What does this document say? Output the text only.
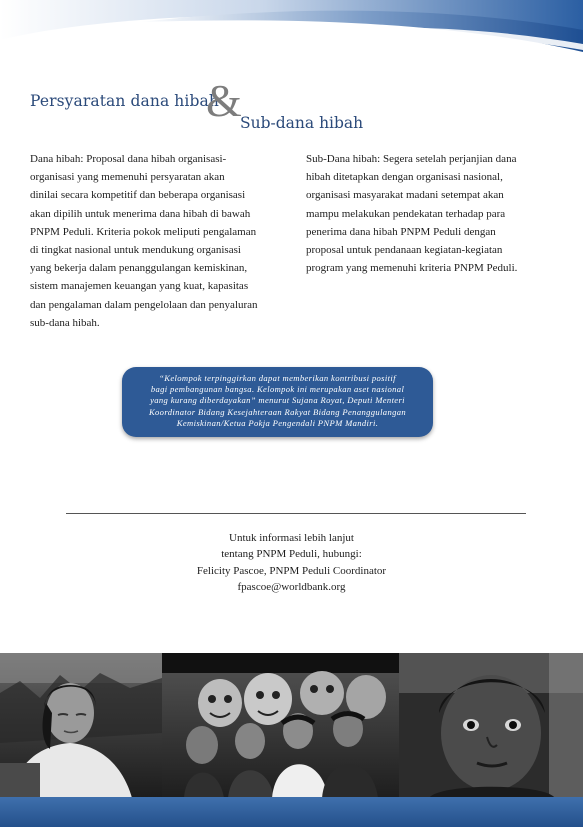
Persyaratan dana hibah
&
Sub-dana hibah
Dana hibah: Proposal dana hibah organisasi-
organisasi yang memenuhi persyaratan akan
dinilai secara kompetitif dan beberapa organisasi
akan dipilih untuk menerima dana hibah di bawah
PNPM Peduli. Kriteria pokok meliputi pengalaman
di tingkat nasional untuk mendukung organisasi
yang bekerja dalam penanggulangan kemiskinan,
sistem manajemen keuangan yang kuat, kapasitas
dan pengalaman dalam pengelolaan dan penyaluran
sub-dana hibah.
Sub-Dana hibah: Segera setelah perjanjian dana
hibah ditetapkan dengan organisasi nasional,
organisasi masyarakat madani setempat akan
mampu melakukan pendekatan terhadap para
penerima dana hibah PNPM Peduli dengan
proposal untuk pendanaan kegiatan-kegiatan
program yang memenuhi kriteria PNPM Peduli.
“Kelompok terpinggirkan dapat memberikan kontribusi positif
bagi pembangunan bangsa. Kelompok ini merupakan aset nasional
yang kurang diberdayakan” menurut Sujana Royat, Deputi Menteri
Koordinator Bidang Kesejahteraan Rakyat Bidang Penanggulangan
Kemiskinan/Ketua Pokja Pengendali PNPM Mandiri.
Untuk informasi lebih lanjut
tentang PNPM Peduli, hubungi:
Felicity Pascoe, PNPM Peduli Coordinator
fpascoe@worldbank.org
